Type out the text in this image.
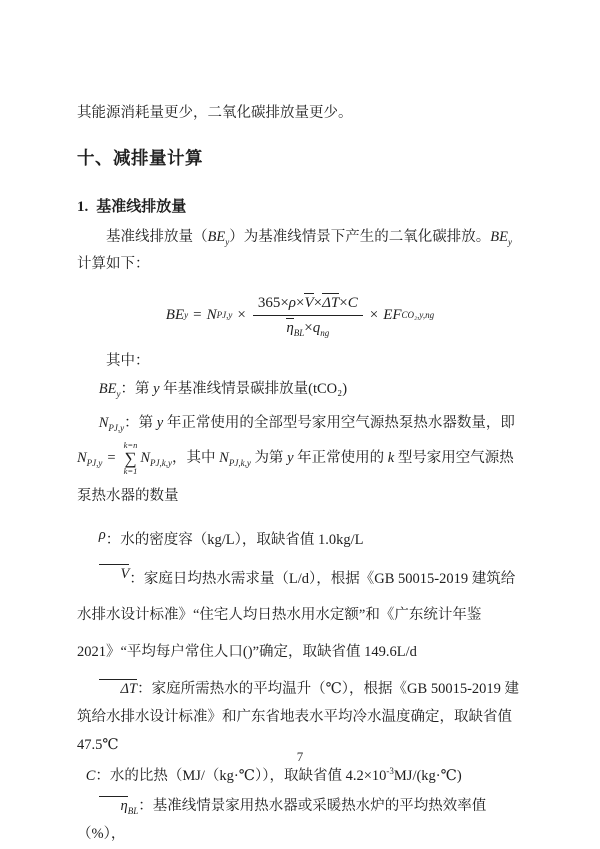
其能源消耗量更少，二氧化碳排放量更少。

十、减排量计算
1. 基准线排放量

基准线排放量$(BE_y)$为基准线情景下产生的二氧化碳排放。$BE_y$ 计算如下：

BE y = N $PJ,y \times \frac{365\times\rho\times V\times\Delta T\times C}{\eta_{BL}\times q_{ng}}$ × EF CO₂,y,ng

其中：

$BE_y$：第 y 年基准线情景碳排放量(tCO₂)

$N_{PJ,y}$：第 y 年正常使用的全部型号家用空气源热泵热水器数量，即

$N_{PJ,y}$ =
k=n
∑
k=1
$N_{PJ,k,y}$，其中 $N_{PJ,k,y}$ 为第 y 年正常使用的 k 型号家用空气源热泵热水器的数量

ρ：水的密度容（kg/L），取缺省值 1.0kg/L

V：家庭日均热水需求量（L/d），根据《GB 50015-2019 建筑给水排水设计标准》“住宅人均日热水用水定额”和《广东统计年鉴 2021》“平均每户常住人口()”确定，取缺省值 149.6L/d

ΔT：家庭所需热水的平均温升（℃），根据《GB 50015-2019 建筑给水排水设计标准》和广东省地表水平均冷水温度确定，取缺省值 47.5℃

C：水的比热（MJ/（kg·℃）），取缺省值 $4.2\times 10^{-3}MJ/(kg\cdot℃)$

$\eta_{BL}$：基准线情景家用热水器或采暖热水炉的平均热效率值（%），

7
